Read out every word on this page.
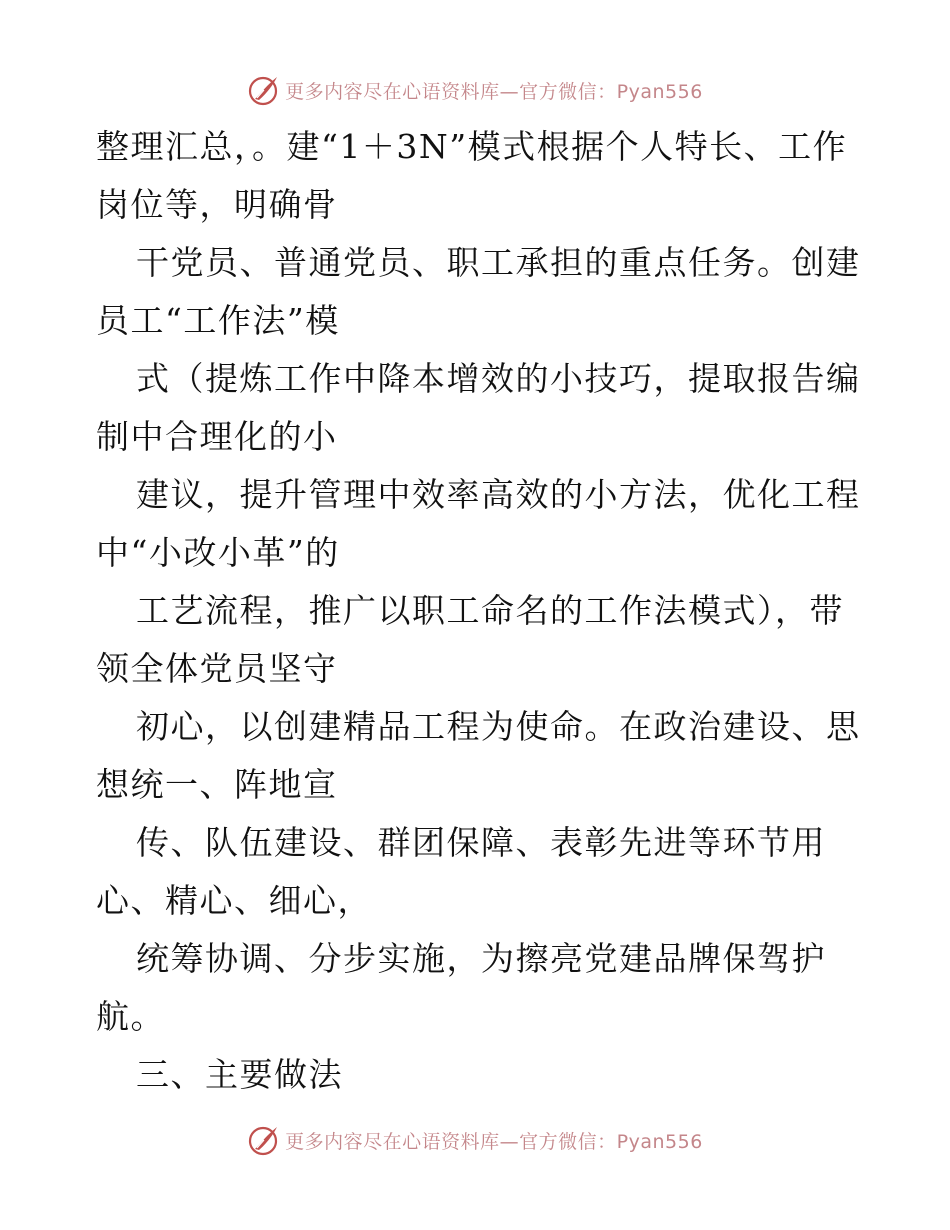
更多内容尽在心语资料库—官方微信：Pyan556

整理汇总，。建“1＋3N”模式根据个人特长、工作

岗位等，明确骨

干党员、普通党员、职工承担的重点任务。创建

员工“工作法”模

式（提炼工作中降本增效的小技巧，提取报告编

制中合理化的小

建议，提升管理中效率高效的小方法，优化工程

中“小改小革”的

工艺流程，推广以职工命名的工作法模式），带

领全体党员坚守

初心，以创建精品工程为使命。在政治建设、思

想统一、阵地宣

传、队伍建设、群团保障、表彰先进等环节用

心、精心、细心，

统筹协调、分步实施，为擦亮党建品牌保驾护

航。

三、主要做法

更多内容尽在心语资料库—官方微信：Pyan556
